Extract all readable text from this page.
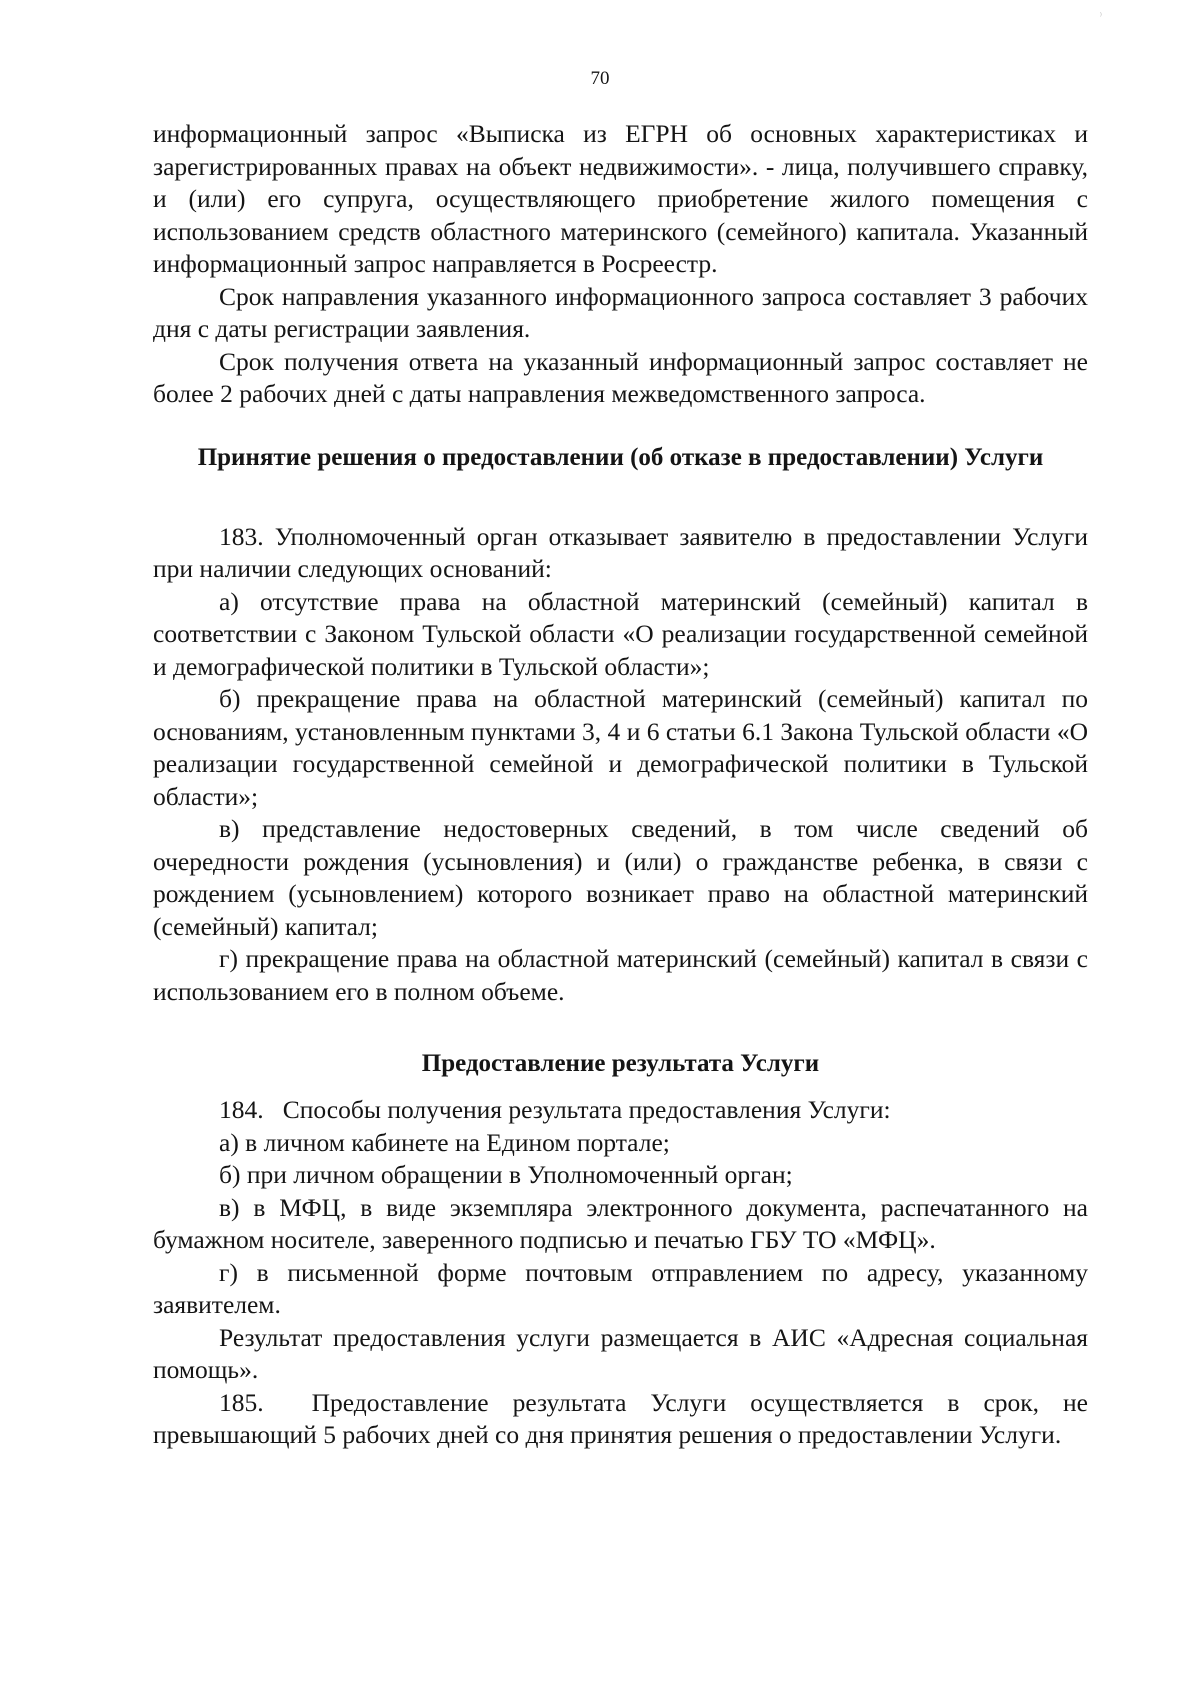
⁾
70

информационный запрос «Выписка из ЕГРН об основных характеристиках и зарегистрированных правах на объект недвижимости». - лица, получившего справку, и (или) его супруга, осуществляющего приобретение жилого помещения с использованием средств областного материнского (семейного) капитала. Указанный информационный запрос направляется в Росреестр.

Срок направления указанного информационного запроса составляет 3 рабочих дня с даты регистрации заявления.

Срок получения ответа на указанный информационный запрос составляет не более 2 рабочих дней с даты направления межведомственного запроса.

Принятие решения о предоставлении (об отказе в предоставлении) Услуги

183. Уполномоченный орган отказывает заявителю в предоставлении Услуги при наличии следующих оснований:

а) отсутствие права на областной материнский (семейный) капитал в соответствии с Законом Тульской области «О реализации государственной семейной и демографической политики в Тульской области»;

б) прекращение права на областной материнский (семейный) капитал по основаниям, установленным пунктами 3, 4 и 6 статьи 6.1 Закона Тульской области «О реализации государственной семейной и демографической политики в Тульской области»;

в) представление недостоверных сведений, в том числе сведений об очередности рождения (усыновления) и (или) о гражданстве ребенка, в связи с рождением (усыновлением) которого возникает право на областной материнский (семейный) капитал;

г) прекращение права на областной материнский (семейный) капитал в связи с использованием его в полном объеме.

Предоставление результата Услуги

184.   Способы получения результата предоставления Услуги:

а) в личном кабинете на Едином портале;

б) при личном обращении в Уполномоченный орган;

в) в МФЦ, в виде экземпляра электронного документа, распечатанного на бумажном носителе, заверенного подписью и печатью ГБУ ТО «МФЦ».

г) в письменной форме почтовым отправлением по адресу, указанному заявителем.

Результат предоставления услуги размещается в АИС «Адресная социальная помощь».

185.  Предоставление результата Услуги осуществляется в срок, не превышающий 5 рабочих дней со дня принятия решения о предоставлении Услуги.
